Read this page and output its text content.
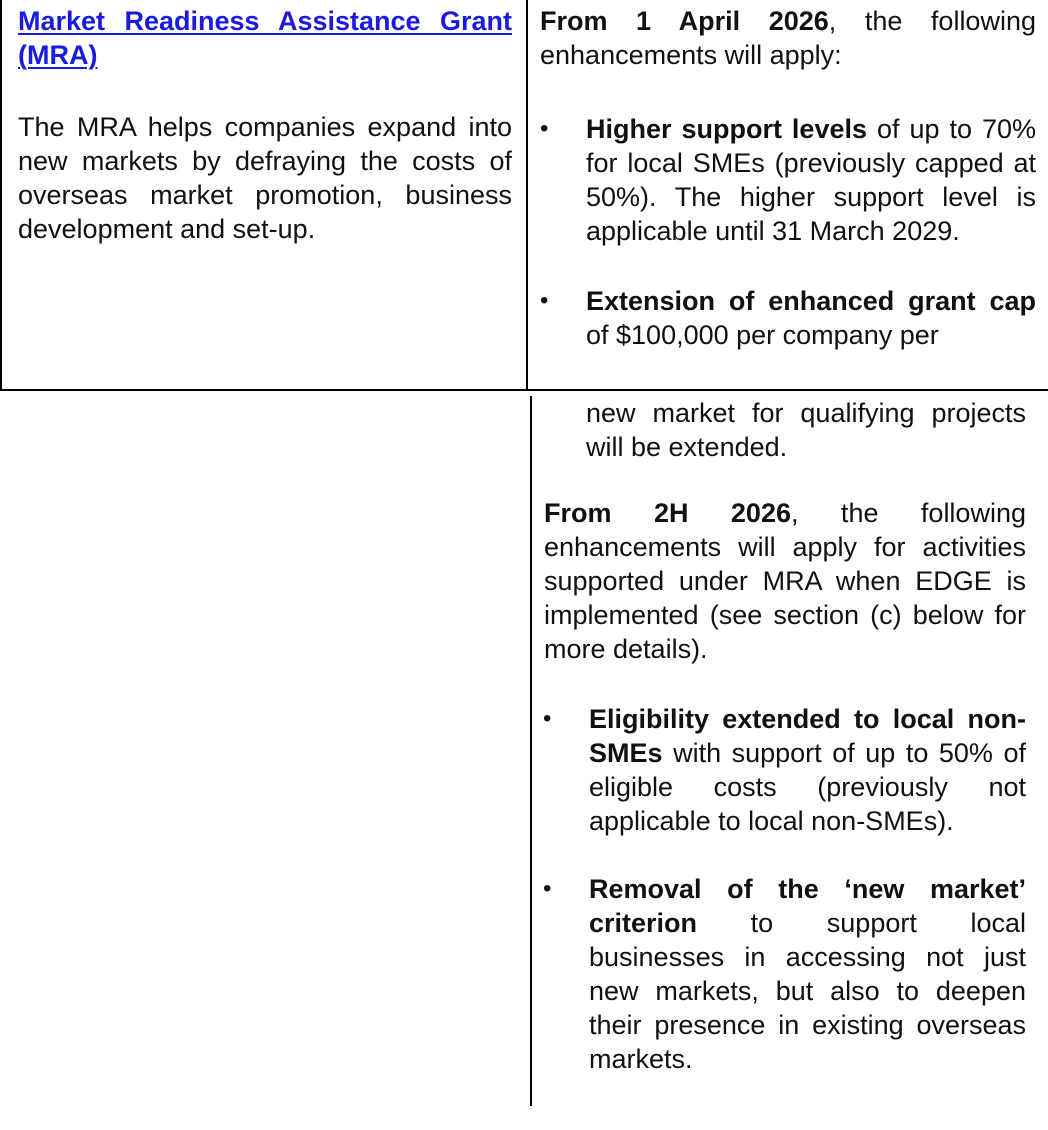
Market Readiness Assistance Grant (MRA)
The MRA helps companies expand into new markets by defraying the costs of overseas market promotion, business development and set-up.
From 1 April 2026, the following enhancements will apply:
• Higher support levels of up to 70% for local SMEs (previously capped at 50%). The higher support level is applicable until 31 March 2029.
• Extension of enhanced grant cap of $100,000 per company per
new market for qualifying projects will be extended.
From 2H 2026, the following enhancements will apply for activities supported under MRA when EDGE is implemented (see section (c) below for more details).
• Eligibility extended to local non-SMEs with support of up to 50% of eligible costs (previously not applicable to local non-SMEs).
• Removal of the ‘new market’ criterion to support local businesses in accessing not just new markets, but also to deepen their presence in existing overseas markets.
